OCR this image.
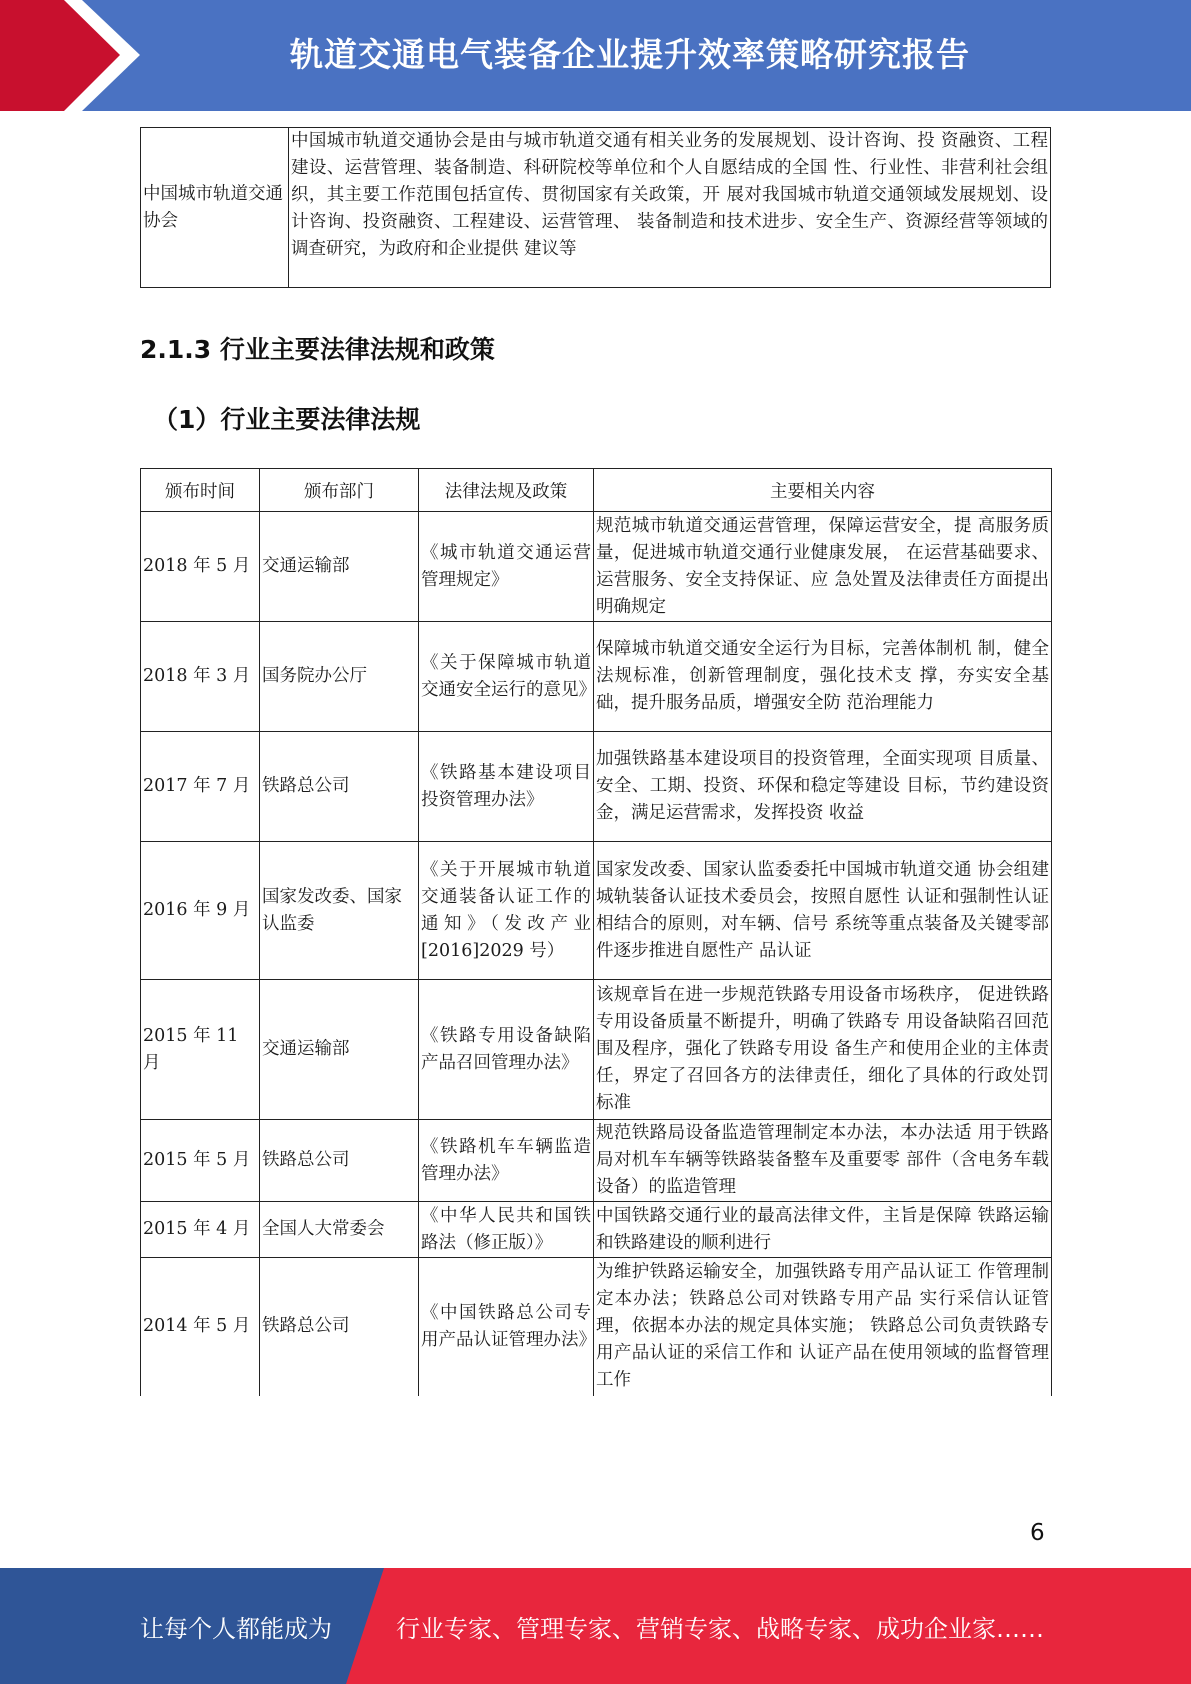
轨道交通电气装备企业提升效率策略研究报告
中国城市轨道交通协会	中国城市轨道交通协会是由与城市轨道交通有相关业务的发展规划、设计咨询、投 资融资、工程建设、运营管理、装备制造、科研院校等单位和个人自愿结成的全国 性、行业性、非营利社会组织，其主要工作范围包括宣传、贯彻国家有关政策，开 展对我国城市轨道交通领域发展规划、设计咨询、投资融资、工程建设、运营管理、 装备制造和技术进步、安全生产、资源经营等领域的调查研究，为政府和企业提供 建议等
2.1.3 行业主要法律法规和政策
（1）行业主要法律法规
颁布时间	颁布部门	法律法规及政策	主要相关内容
2018 年 5 月	交通运输部	《城市轨道交通运营管理规定》	规范城市轨道交通运营管理，保障运营安全，提 高服务质量，促进城市轨道交通行业健康发展， 在运营基础要求、运营服务、安全支持保证、应 急处置及法律责任方面提出明确规定
2018 年 3 月	国务院办公厅	《关于保障城市轨道交通安全运行的意见》	保障城市轨道交通安全运行为目标，完善体制机 制，健全法规标准，创新管理制度，强化技术支 撑，夯实安全基础，提升服务品质，增强安全防 范治理能力
2017 年 7 月	铁路总公司	《铁路基本建设项目投资管理办法》	加强铁路基本建设项目的投资管理，全面实现项 目质量、安全、工期、投资、环保和稳定等建设 目标，节约建设资金，满足运营需求，发挥投资 收益
2016 年 9 月	国家发改委、国家认监委	《关于开展城市轨道交通装备认证工作的通知》（发改产业[2016]2029 号）	国家发改委、国家认监委委托中国城市轨道交通 协会组建城轨装备认证技术委员会，按照自愿性 认证和强制性认证相结合的原则，对车辆、信号 系统等重点装备及关键零部件逐步推进自愿性产 品认证
2015 年 11 月	交通运输部	《铁路专用设备缺陷产品召回管理办法》	该规章旨在进一步规范铁路专用设备市场秩序， 促进铁路专用设备质量不断提升，明确了铁路专 用设备缺陷召回范围及程序，强化了铁路专用设 备生产和使用企业的主体责任，界定了召回各方的法律责任，细化了具体的行政处罚标准
2015 年 5 月	铁路总公司	《铁路机车车辆监造管理办法》	规范铁路局设备监造管理制定本办法，本办法适 用于铁路局对机车车辆等铁路装备整车及重要零 部件（含电务车载设备）的监造管理
2015 年 4 月	全国人大常委会	《中华人民共和国铁路法（修正版）》	中国铁路交通行业的最高法律文件，主旨是保障 铁路运输和铁路建设的顺利进行
2014 年 5 月	铁路总公司	《中国铁路总公司专用产品认证管理办法》	为维护铁路运输安全，加强铁路专用产品认证工 作管理制定本办法；铁路总公司对铁路专用产品 实行采信认证管理，依据本办法的规定具体实施； 铁路总公司负责铁路专用产品认证的采信工作和 认证产品在使用领域的监督管理工作
6
让每个人都能成为	行业专家、管理专家、营销专家、战略专家、成功企业家……
